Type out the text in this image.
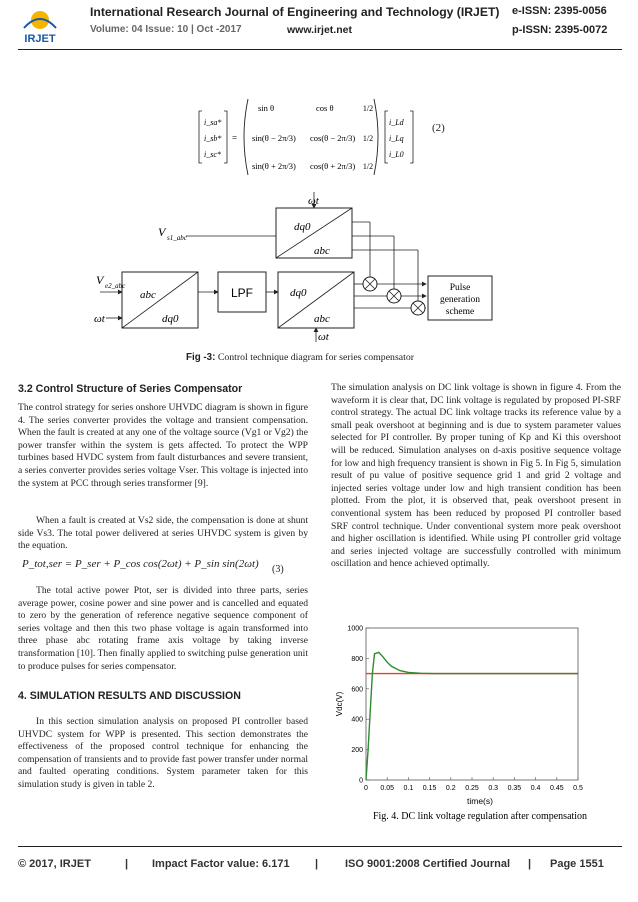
IRJET
International Research Journal of Engineering and Technology (IRJET) e-ISSN: 2395-0056
Volume: 04 Issue: 10 | Oct -2017	www.irjet.net	p-ISSN: 2395-0072
i_sa*
i_sb*
i_sc*
=
sin θ	cos θ	1/2
sin(θ − 2π/3) cos(θ − 2π/3) 1/2
sin(θ + 2π/3) cos(θ + 2π/3) 1/2
i_Ld
i_Lq
i_L0
(2)
dq0
abc
ωt
V s1_abc
abc
dq0
V e2_abc
ωt
LPF	dq0
abc
ωt
Pulse
generation
scheme
Fig -3: Control technique diagram for series compensator
3.2 Control Structure of Series Compensator
The control strategy for series onshore UHVDC diagram is shown in figure 4. The series converter provides the voltage and transient compensation. When the fault is created at any one of the voltage source (Vg1 or Vg2) the power transfer within the system is gets affected. To protect the WPP turbines based HVDC system from fault disturbances and severe transient, a series converter provides series voltage Vser. This voltage is injected into the system at PCC through series transformer [9].
When a fault is created at Vs2 side, the compensation is done at shunt side Vs3. The total power delivered at series UHVDC system is given by the equation.
P_tot,ser = P_ser + P_cos cos(2ωt) + P_sin sin(2ωt) (3)
The total active power Ptot, ser is divided into three parts, series average power, cosine power and sine power and is cancelled and equated to zero by the generation of reference negative sequence component of series voltage and then this two phase voltage is again transformed into three phase abc rotating frame axis voltage by taking inverse transformation [10]. Then finally applied to switching pulse generation unit to produce pulses for series compensator.
4. SIMULATION RESULTS AND DISCUSSION
In this section simulation analysis on proposed PI controller based UHVDC system for WPP is presented. This section demonstrates the effectiveness of the proposed control technique for enhancing the compensation of transients and to provide fast power transfer under normal and faulted operating conditions. System parameter taken for this simulation study is given in table 2.
The simulation analysis on DC link voltage is shown in figure 4. From the waveform it is clear that, DC link voltage is regulated by proposed PI-SRF control strategy. The actual DC link voltage tracks its reference value by a small peak overshoot at beginning and is due to system parameter values selected for PI controller. By proper tuning of Kp and Ki this overshoot will be reduced. Simulation analyses on d-axis positive sequence voltage for low and high frequency transient is shown in Fig 5. In Fig 5, simulation result of pu value of positive sequence grid 1 and grid 2 voltage and injected series voltage under low and high transient condition has been plotted. From the plot, it is observed that, peak overshoot present in conventional system has been reduced by proposed PI controller based SRF control technique. Under conventional system more peak overshoot and higher oscillation is identified. While using PI controller grid voltage and series injected voltage are successfully controlled with minimum oscillation and hence achieved optimally.
0 0.05 0.1 0.15 0.2 0.25 0.3 0.35 0.4 0.45 0.5
0
200
400
600
800
1000
time(s)
Vdc(V)
Fig. 4. DC link voltage regulation after compensation
© 2017, IRJET	| Impact Factor value: 6.171 | ISO 9001:2008 Certified Journal | Page 1551
